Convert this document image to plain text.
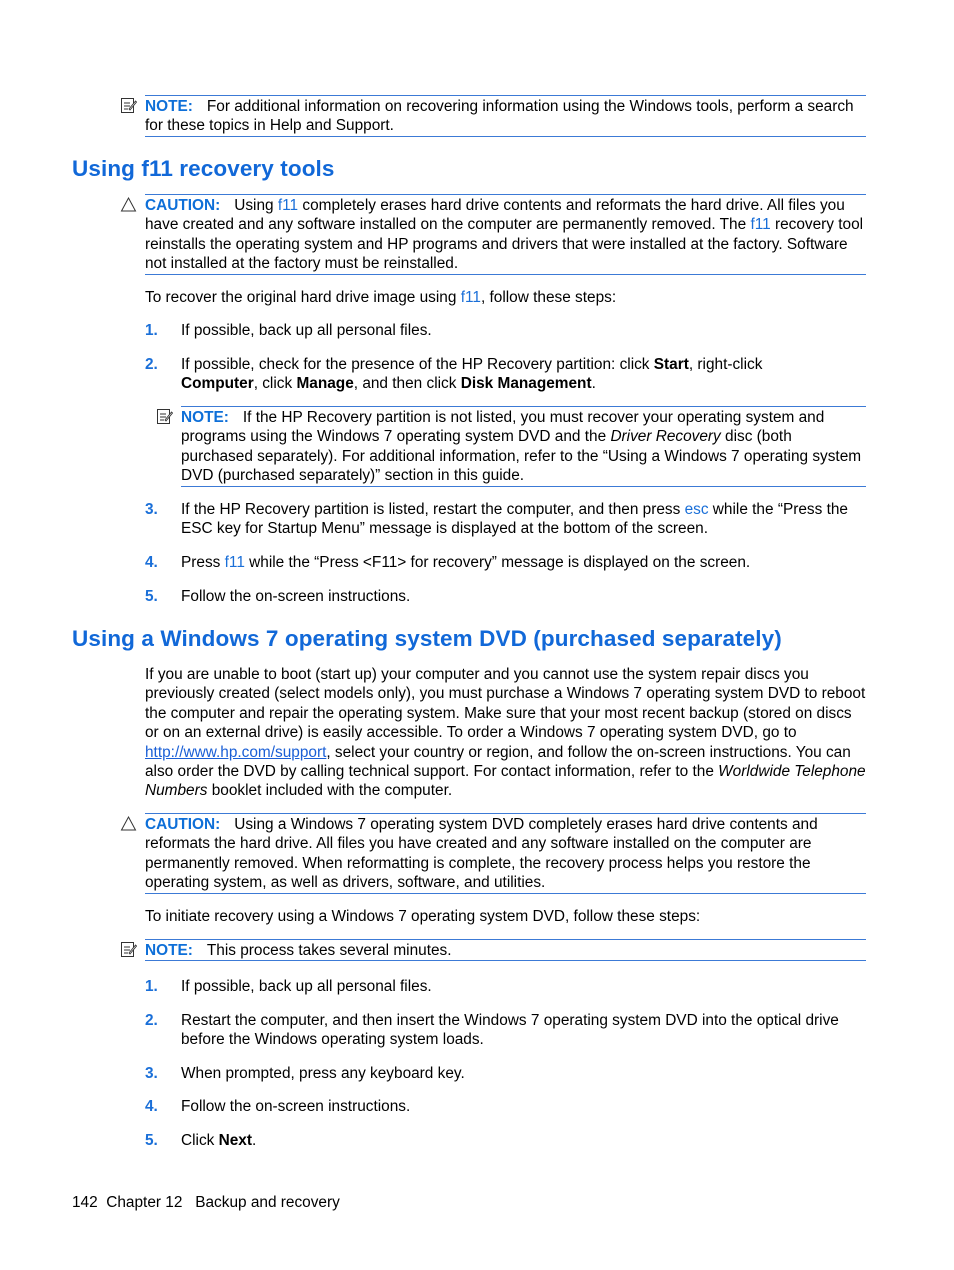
NOTE: For additional information on recovering information using the Windows tools, perform a search for these topics in Help and Support.
Using f11 recovery tools
CAUTION: Using f11 completely erases hard drive contents and reformats the hard drive. All files you have created and any software installed on the computer are permanently removed. The f11 recovery tool reinstalls the operating system and HP programs and drivers that were installed at the factory. Software not installed at the factory must be reinstalled.
To recover the original hard drive image using f11, follow these steps:
1. If possible, back up all personal files.
2. If possible, check for the presence of the HP Recovery partition: click Start, right-click
Computer, click Manage, and then click Disk Management.
NOTE: If the HP Recovery partition is not listed, you must recover your operating system and programs using the Windows 7 operating system DVD and the Driver Recovery disc (both purchased separately). For additional information, refer to the “Using a Windows 7 operating system DVD (purchased separately)” section in this guide.
3. If the HP Recovery partition is listed, restart the computer, and then press esc while the “Press the ESC key for Startup Menu” message is displayed at the bottom of the screen.
4. Press f11 while the “Press <F11> for recovery” message is displayed on the screen.
5. Follow the on-screen instructions.
Using a Windows 7 operating system DVD (purchased separately)
If you are unable to boot (start up) your computer and you cannot use the system repair discs you previously created (select models only), you must purchase a Windows 7 operating system DVD to reboot the computer and repair the operating system. Make sure that your most recent backup (stored on discs or on an external drive) is easily accessible. To order a Windows 7 operating system DVD, go to http://www.hp.com/support, select your country or region, and follow the on-screen instructions. You can also order the DVD by calling technical support. For contact information, refer to the Worldwide Telephone Numbers booklet included with the computer.
CAUTION: Using a Windows 7 operating system DVD completely erases hard drive contents and reformats the hard drive. All files you have created and any software installed on the computer are permanently removed. When reformatting is complete, the recovery process helps you restore the operating system, as well as drivers, software, and utilities.
To initiate recovery using a Windows 7 operating system DVD, follow these steps:
NOTE: This process takes several minutes.
1. If possible, back up all personal files.
2. Restart the computer, and then insert the Windows 7 operating system DVD into the optical drive before the Windows operating system loads.
3. When prompted, press any keyboard key.
4. Follow the on-screen instructions.
5. Click Next.
142 Chapter 12 Backup and recovery
